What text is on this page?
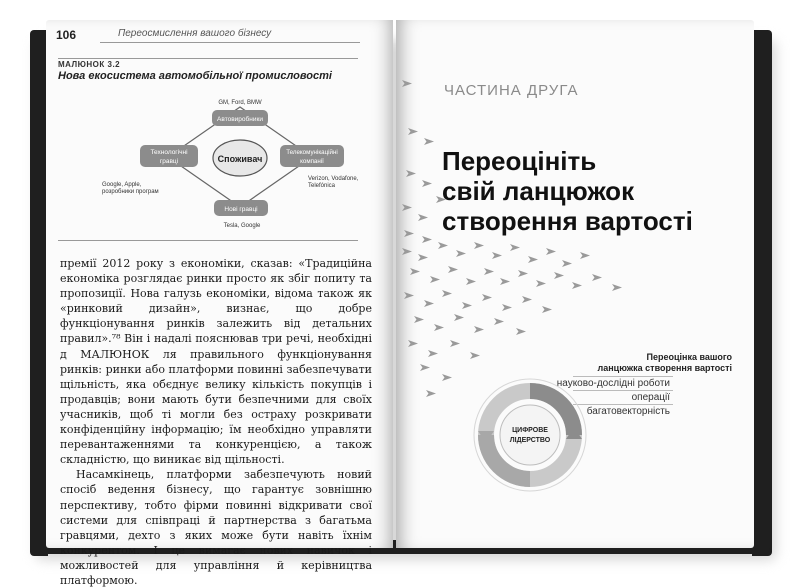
106	Переосмислення вашого бізнесу
МАЛЮНОК 3.2
Нова екосистема автомобільної промисловості
Споживач
GM, Ford, BMW
Автовиробники
Технологічні
гравці
Google, Apple,
розробники програм
Телекомунікаційні
компанії
Verizon, Vodafone,
Telefónica
Нові гравці
Tesla, Google

премії 2012 року з економіки, сказав: «Традиційна економіка розглядає ринки просто як збіг попиту та пропозиції. Нова галузь економіки, відома також як «ринковий дизайн», визнає, що добре функціонування ринків залежить від детальних правил».⁷⁸ Він і надалі пояснював три речі, необхідні д МАЛЮНОК ля правильного функціонування ринків: ринки або платформи повинні забезпечувати щільність, яка обєднує велику кількість покупців і продавців; вони мають бути безпечними для своїх учасників, щоб ті могли без остраху розкривати конфіденційну інформацію; їм необхідно управляти перевантаженнями та конкуренцією, а також складністю, що виникає від щільності.

Насамкінець, платформи забезпечують новий спосіб ведення бізнесу, що гарантує зовнішню перспективу, тобто фірми повинні відкривати свої системи для співпраці й партнерства з багатьма гравцями, дехто з яких може бути навіть їхнім конкурентом. І це вимагає нових навичок і можливостей для управління й керівництва платформою.

ЧАСТИНА ДРУГА
Переоцініть
свій ланцюжок
створення вартості
Переоцінка вашого
ланцюжка створення вартості
науково-дослідні роботи
операції
багатовекторність
ЦИФРОВЕ
ЛІДЕРСТВО
